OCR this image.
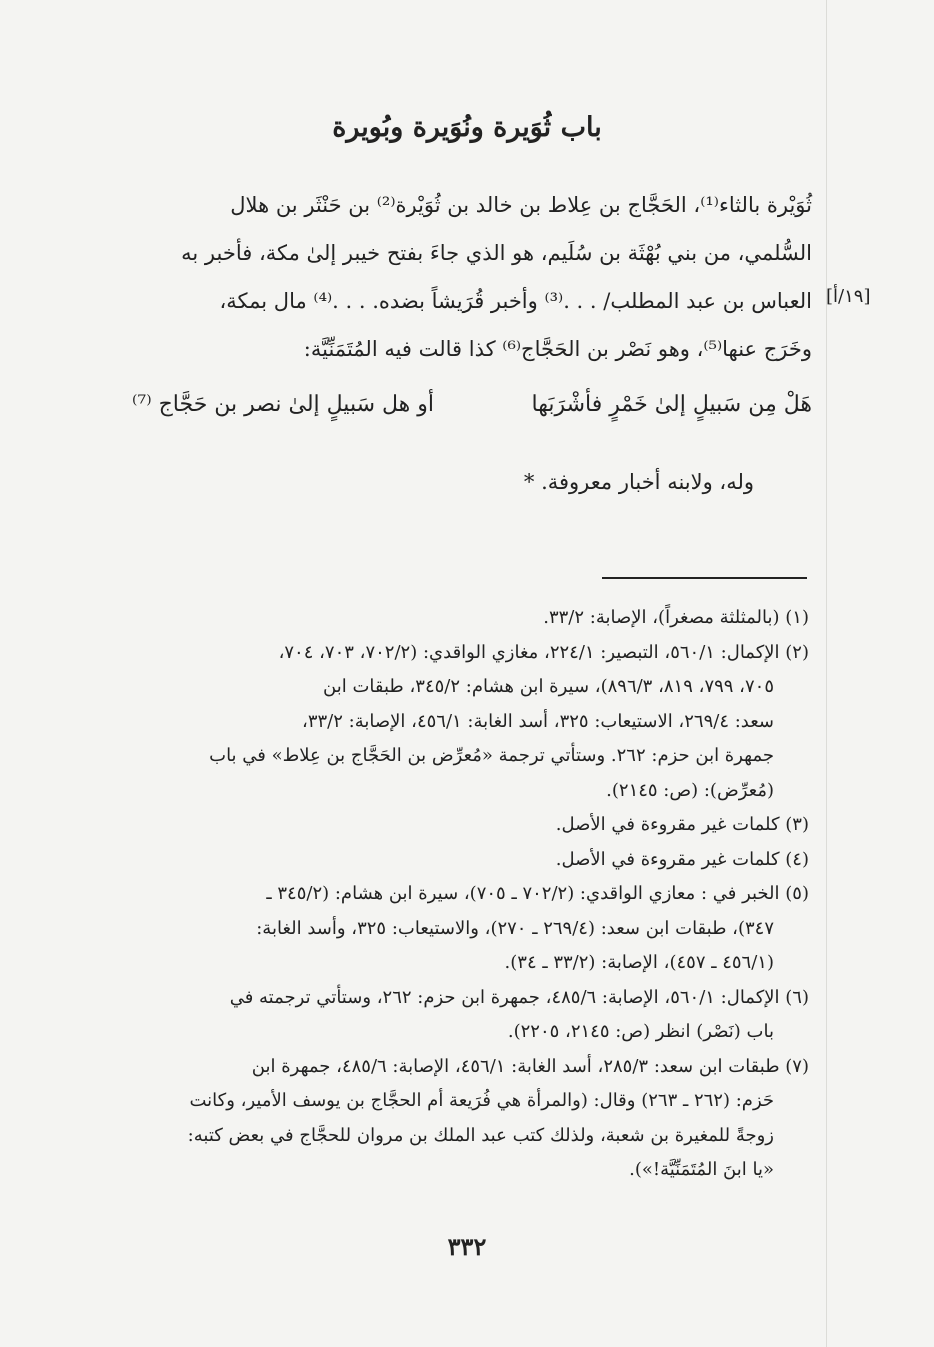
باب ثُوَيرة ونُوَيرة وبُويرة
ثُوَيْرة بالثاء⁽¹⁾، الحَجَّاج بن عِلاط بن خالد بن ثُوَيْرة⁽²⁾ بن حَنْثَر بن هلال
السُّلمي، من بني بُهْثَة بن سُلَيم، هو الذي جاءَ بفتح خيبر إلىٰ مكة، فأخبر به
العباس بن عبد المطلب/ . . .⁽³⁾ وأخبر قُرَيشاً بضده. . . .⁽⁴⁾ مال بمكة،
وخَرَج عنها⁽⁵⁾، وهو نَصْر بن الحَجَّاج⁽⁶⁾ كذا قالت فيه المُتَمَنِّيَّة:
[١٩/أ]
هَلْ مِن سَبيلٍ إلىٰ خَمْرٍ فأشْرَبَها
أو هل سَبيلٍ إلىٰ نصر بن حَجَّاج ⁽⁷⁾
وله، ولابنه أخبار معروفة. *
(١) (بالمثلثة مصغراً)، الإصابة: ٣٣/٢.
(٢) الإكمال: ٥٦٠/١، التبصير: ٢٢٤/١، مغازي الواقدي: (٧٠٢/٢، ٧٠٣، ٧٠٤،
٧٠٥، ٧٩٩، ٨١٩، ٨٩٦/٣)، سيرة ابن هشام: ٣٤٥/٢، طبقات ابن
سعد: ٢٦٩/٤، الاستيعاب: ٣٢٥، أسد الغابة: ٤٥٦/١، الإصابة: ٣٣/٢،
جمهرة ابن حزم: ٢٦٢. وستأتي ترجمة «مُعرِّض بن الحَجَّاج بن عِلاط» في باب
(مُعرِّض): (ص: ٢١٤٥).
(٣) كلمات غير مقروءة في الأصل.
(٤) كلمات غير مقروءة في الأصل.
(٥) الخبر في : معازي الواقدي: (٧٠٢/٢ ـ ٧٠٥)، سيرة ابن هشام: (٣٤٥/٢ ـ
٣٤٧)، طبقات ابن سعد: (٢٦٩/٤ ـ ٢٧٠)، والاستيعاب: ٣٢٥، وأسد الغابة:
(٤٥٦/١ ـ ٤٥٧)، الإصابة: (٣٣/٢ ـ ٣٤).
(٦) الإكمال: ٥٦٠/١، الإصابة: ٤٨٥/٦، جمهرة ابن حزم: ٢٦٢، وستأتي ترجمته في
باب (نَصْر) انظر (ص: ٢١٤٥، ٢٢٠٥).
(٧) طبقات ابن سعد: ٢٨٥/٣، أسد الغابة: ٤٥٦/١، الإصابة: ٤٨٥/٦، جمهرة ابن
حَزم: (٢٦٢ ـ ٢٦٣) وقال: (والمرأة هي فُرَيعة أم الحجَّاج بن يوسف الأمير، وكانت
زوجةً للمغيرة بن شعبة، ولذلك كتب عبد الملك بن مروان للحجَّاج في بعض كتبه:
«يا ابنَ المُتَمَنِّيَّة!»).
٣٣٢
